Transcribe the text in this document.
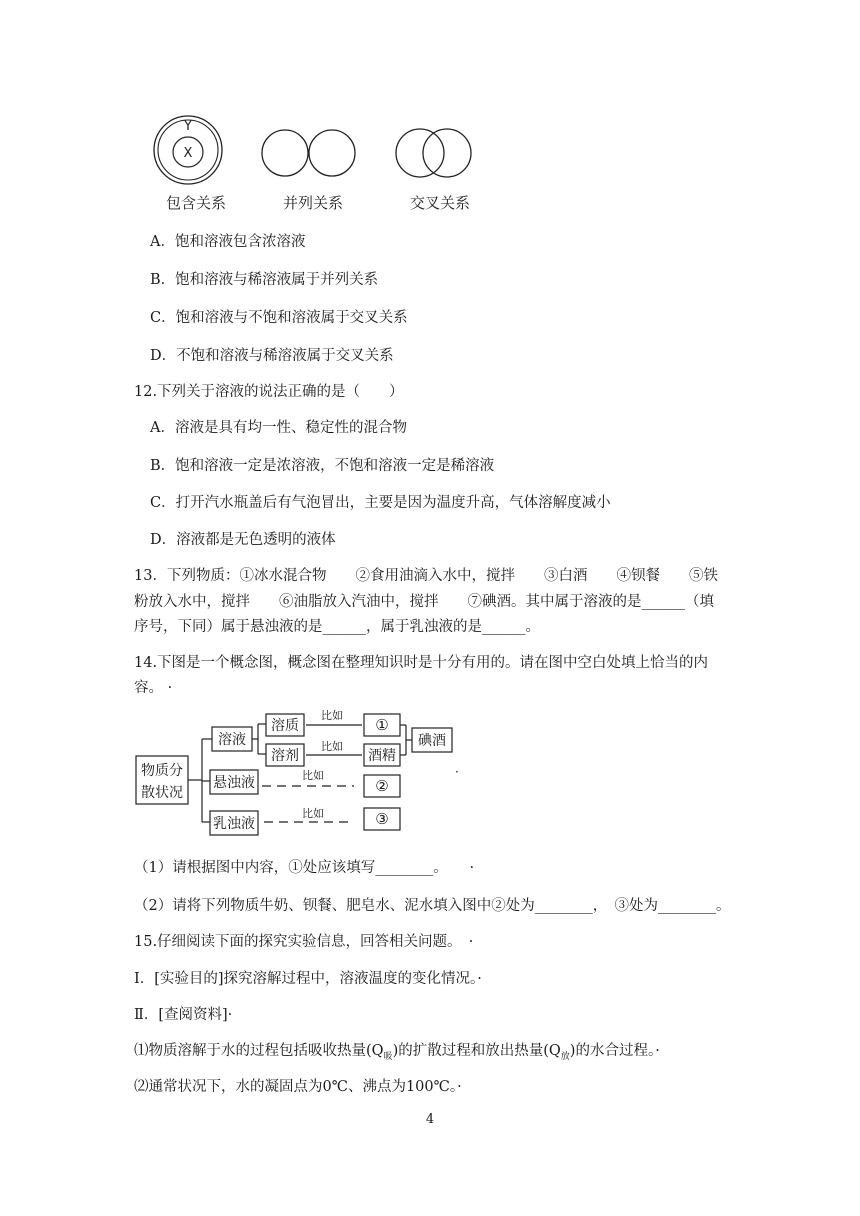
Y
X
包含关系	并列关系	交叉关系
A．饱和溶液包含浓溶液
B．饱和溶液与稀溶液属于并列关系
C．饱和溶液与不饱和溶液属于交叉关系
D．不饱和溶液与稀溶液属于交叉关系
12.下列关于溶液的说法正确的是（　　）
A．溶液是具有均一性、稳定性的混合物
B．饱和溶液一定是浓溶液，不饱和溶液一定是稀溶液
C．打开汽水瓶盖后有气泡冒出，主要是因为温度升高，气体溶解度减小
D．溶液都是无色透明的液体
13．下列物质：①冰水混合物　　②食用油滴入水中，搅拌　　③白酒　　④钡餐　　⑤铁
粉放入水中，搅拌　　⑥油脂放入汽油中，搅拌　　⑦碘酒。其中属于溶液的是______（填
序号，下同）属于悬浊液的是______，属于乳浊液的是______。
14.下图是一个概念图，概念图在整理知识时是十分有用的。请在图中空白处填上恰当的内
容。 ·
物质分
散状况
溶液
溶质
溶剂
比如
比如
比如
比如
①
酒精
碘酒
悬浊液	②
乳浊液	③
·
（1）请根据图中内容，①处应该填写________。　　·
（2）请将下列物质牛奶、钡餐、肥皂水、泥水填入图中②处为________，　③处为________。
15.仔细阅读下面的探究实验信息，回答相关问题。　·
Ⅰ．[实验目的]探究溶解过程中，溶液温度的变化情况。·
Ⅱ．[查阅资料]·
⑴物质溶解于水的过程包括吸收热量$(Q_吸)$的扩散过程和放出热量$(Q_放)$的水合过程。·
⑵通常状况下，水的凝固点为0℃、沸点为100℃。·
4
